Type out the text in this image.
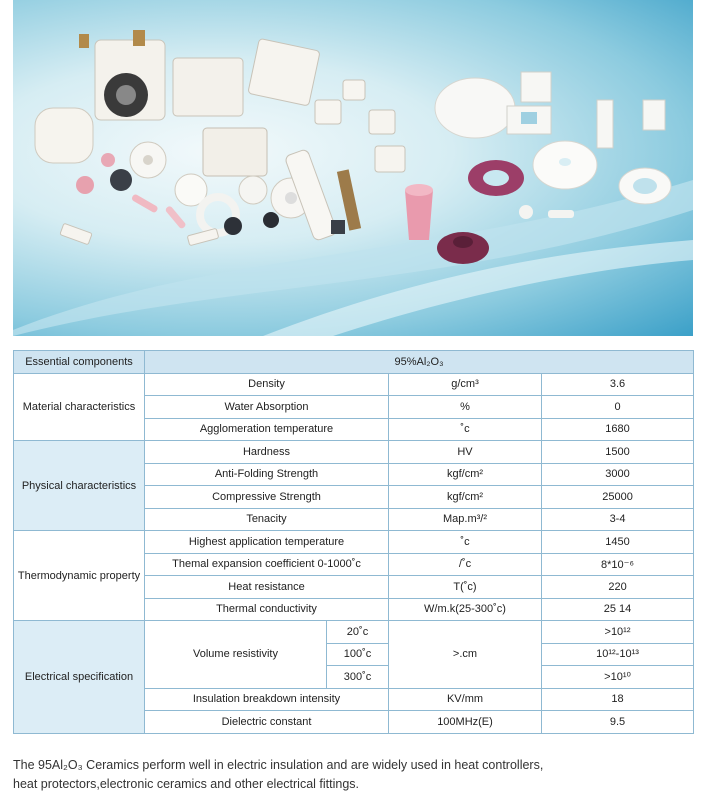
Essential components	95%Al₂O₃			
Material characteristics	Density		g/cm³	3.6
	Water Absorption		%	0
	Agglomeration temperature		˚c	1680
Physical characteristics	Hardness		HV	1500
	Anti-Folding Strength		kgf/cm²	3000
	Compressive Strength		kgf/cm²	25000
	Tenacity		Map.m³/²	3-4
Thermodynamic property	Highest application temperature		˚c	1450
	Themal expansion coefficient 0-1000˚c		/˚c	8*10⁻⁶
	Heat resistance		T(˚c)	220
	Thermal conductivity		W/m.k(25-300˚c)	25 14
Electrical specification	Volume resistivity	20˚c	>.cm	>10¹²
		100˚c		10¹²-10¹³
		300˚c		>10¹⁰
	Insulation breakdown intensity		KV/mm	18
	Dielectric constant		100MHz(E)	9.5
The 95Al₂O₃ Ceramics perform well in electric insulation and are widely used in heat controllers,
heat protectors,electronic ceramics and other electrical fittings.
